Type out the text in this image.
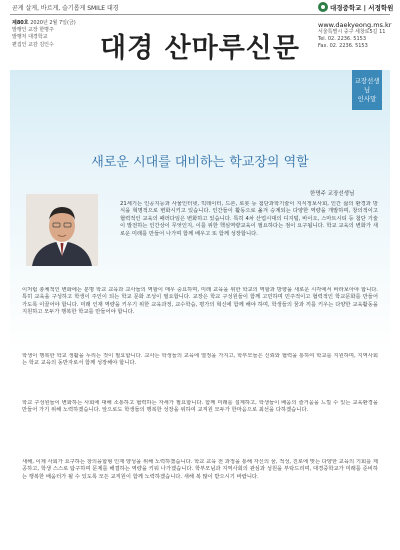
곧게 살게, 바르게, 슬기롭게 SMILE 대경	대경중학교 | 서정학원
제80호 2020년 2월 7일(금)
발행인 교장 한명주
발행처 대경학교
편집인 교감 김인수	대경 산마루신문
www.daekyeong.ms.kr
서울특별시 중구 세창로5길 11
Tel. 02. 2236. 5153
Fax. 02. 2236. 5153
교장선생님
인사말
새로운 시대를 대비하는 학교장의 역할
한명주 교장선생님

21세기는 인공지능과 사물인터넷, 빅데이터, 드론, 로봇 등 첨단과학기술이 지식정보사회, 인간 삶의 환경과 방식을 혁명적으로 변화시키고 있습니다. 인간들이 활동으로 옮겨 승계되는 다양한 역량을 개발하며, 창의적이고 협력적인 교육의 패러다임은 변화하고 있습니다. 특히 4차 산업시대의 디지털, 바이오, 스마트시티 등 첨단 기술이 발전하는 인간상이 무엇인지, 이를 위한 핵심역량교육이 필요하다는 점이 요구됩니다. 학교 교육의 변화가 새로운 미래를 만들어 나가며 함께 배우고 또 함께 성장합니다.

이처럼 총체적인 변화에는 분명 학교 교육과 교사들의 역할이 매우 중요하며, 미래 교육을 위한 학교의 역할과 방향을 새로운 시각에서 바라보아야 합니다. 특히 교육을 구성하고 학생이 주인이 되는 학교 문화 조성이 필요합니다. 교장은 학교 구성원들이 함께 고민하며 민주적이고 협력적인 학교문화를 만들어 가도록 이끌어야 합니다. 미래 인재 역량을 키우기 위한 교육과정, 교수학습, 평가의 혁신에 함께 해야 하며, 학생들의 꿈과 끼를 키우는 다양한 교육활동을 지원하고 모두가 행복한 학교를 만들어야 합니다.

학생이 행복한 학교 생활을 누리는 것이 필요합니다. 교사는 학생들의 교육에 열정을 가지고, 학부모들은 신뢰와 협력을 통하여 학교를 지원하며, 지역사회는 학교 교육의 동반자로서 함께 성장해야 합니다.

학교 구성원들이 변화하는 사회에 대해 소통하고 협력하는 자세가 필요합니다. 함께 미래를 설계하고, 학생들이 배움의 즐거움을 느낄 수 있는 교육환경을 만들어 가기 위해 노력하겠습니다. 앞으로도 학생들의 행복한 성장을 위하여 교직원 모두가 한마음으로 최선을 다하겠습니다.

새해, 이제 사회가 요구하는 창의융합형 인재 양성을 위해 노력하겠습니다. 학교 교육 전 과정을 통해 자신의 꿈, 적성, 진로에 맞는 다양한 교육의 기회를 제공하고, 학생 스스로 탐구하며 문제를 해결하는 역량을 키워 나가겠습니다. 학부모님과 지역사회의 관심과 성원을 부탁드리며, 대경중학교가 미래를 준비하는 행복한 배움터가 될 수 있도록 모든 교직원이 함께 노력하겠습니다. 새해 복 많이 받으시기 바랍니다.
